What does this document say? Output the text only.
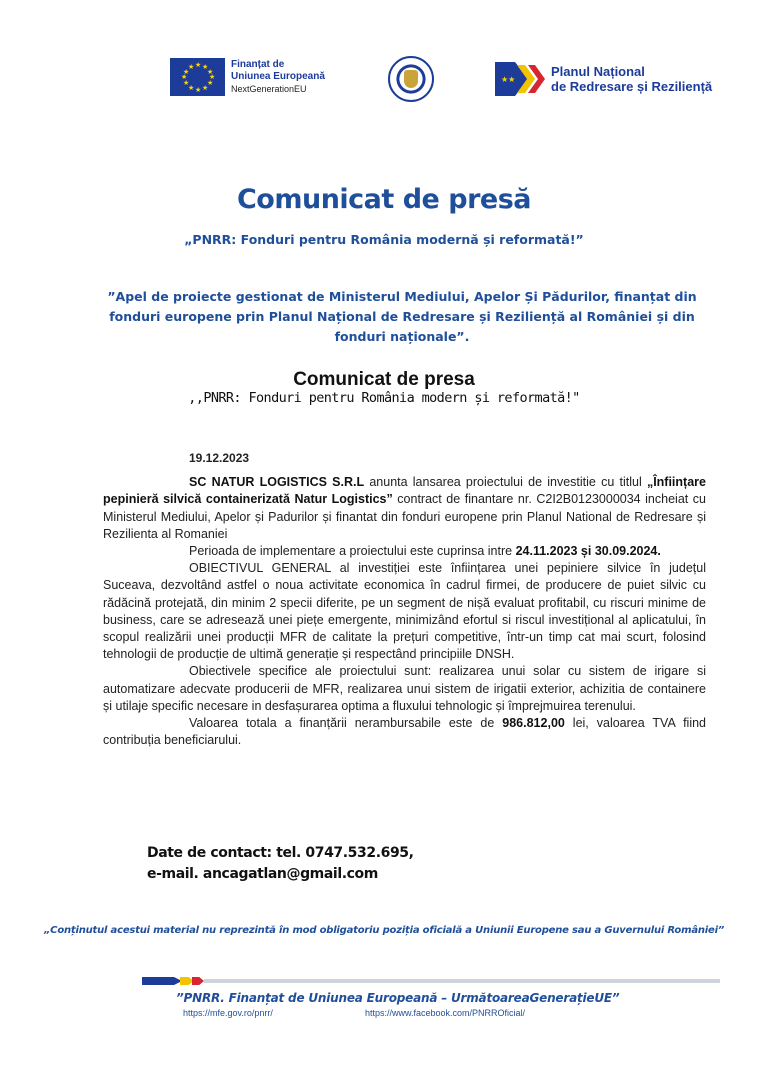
★ ★
★
★
★
★
★
★
★
★
★
★	Finanțat de
Uniunea Europeană
NextGenerationEU
★★
Planul Național
de Redresare și Reziliență
Comunicat de presă
„PNRR: Fonduri pentru România modernă și reformată!”
”Apel de proiecte gestionat de Ministerul Mediului, Apelor Și Pădurilor, finanțat din fonduri europene prin Planul Național de Redresare și Reziliență al României și din fonduri naționale”.
Comunicat de presa
,,PNRR: Fonduri pentru România modern și reformată!"

19.12.2023

SC NATUR LOGISTICS S.R.L anunta lansarea proiectului de investitie cu titlul „Înființare pepinieră silvică containerizată Natur Logistics” contract de finantare nr. C2I2B0123000034 incheiat cu Ministerul Mediului, Apelor și Padurilor și finantat din fonduri europene prin Planul National de Redresare și Rezilienta al Romaniei

Perioada de implementare a proiectului este cuprinsa intre 24.11.2023 și 30.09.2024.

OBIECTIVUL GENERAL al investiției este înființarea unei pepiniere silvice în județul Suceava, dezvoltând astfel o noua activitate economica în cadrul firmei, de producere de puiet silvic cu rădăcină protejată, din minim 2 specii diferite, pe un segment de nișă evaluat profitabil, cu riscuri minime de business, care se adresează unei piețe emergente, minimizând efortul si riscul investițional al aplicatului, în scopul realizării unei producții MFR de calitate la prețuri competitive, într-un timp cat mai scurt, folosind tehnologii de producție de ultimă generație și respectând principiile DNSH.

Obiectivele specifice ale proiectului sunt: realizarea unui solar cu sistem de irigare si automatizare adecvate producerii de MFR, realizarea unui sistem de irigatii exterior, achizitia de containere și utilaje specific necesare in desfașurarea optima a fluxului tehnologic și împrejmuirea terenului.

Valoarea totala a finanțării nerambursabile este de 986.812,00 lei, valoarea TVA fiind contribuția beneficiarului.

Date de contact: tel. 0747.532.695,
e-mail. ancagatlan@gmail.com
„Conținutul acestui material nu reprezintă în mod obligatoriu poziția oficială a Uniunii Europene sau a Guvernului României”
”PNRR. Finanțat de Uniunea Europeană – UrmătoareaGenerațieUE”
https://mfe.gov.ro/pnrr/	https://www.facebook.com/PNRROficial/
